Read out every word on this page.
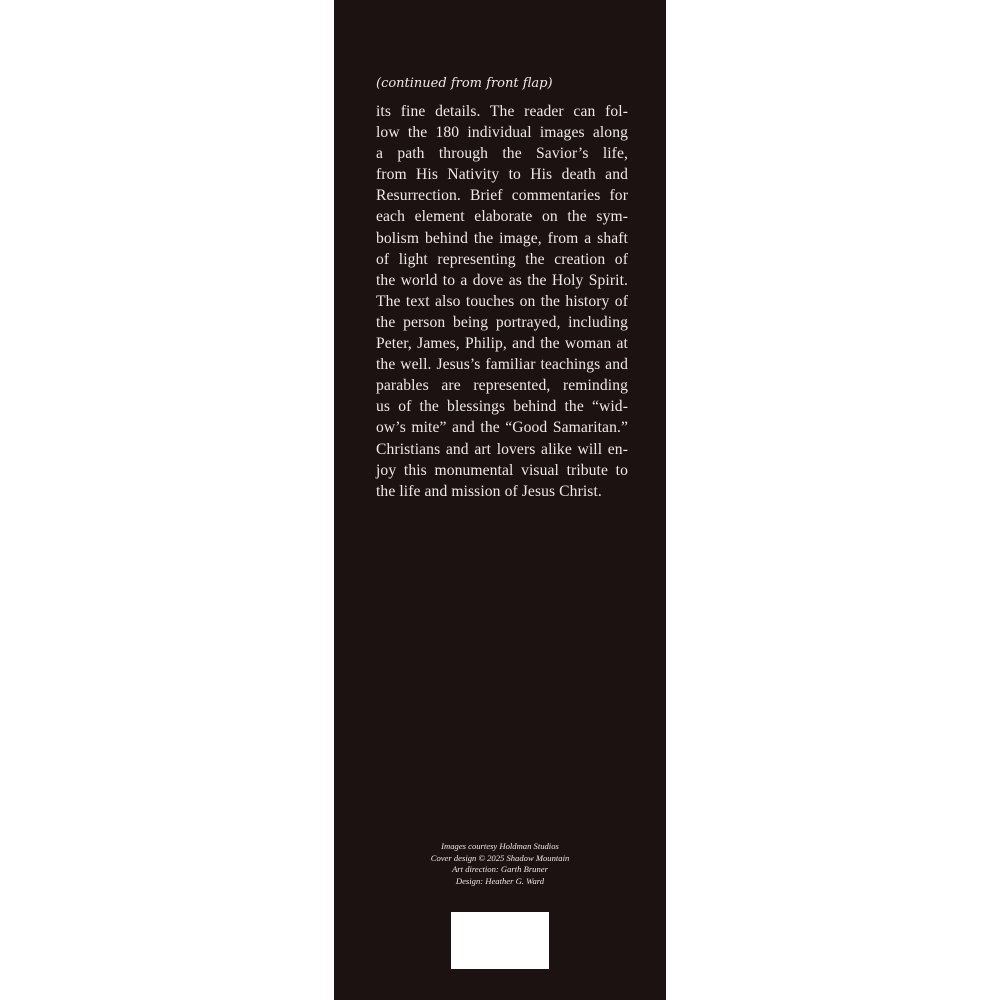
(continued from front flap)
its fine details. The reader can fol-
low the 180 individual images along
a path through the Savior’s life,
from His Nativity to His death and
Resurrection. Brief commentaries for
each element elaborate on the sym-
bolism behind the image, from a shaft
of light representing the creation of
the world to a dove as the Holy Spirit.
The text also touches on the history of
the person being portrayed, including
Peter, James, Philip, and the woman at
the well. Jesus’s familiar teachings and
parables are represented, reminding
us of the blessings behind the “wid-
ow’s mite” and the “Good Samaritan.”
Christians and art lovers alike will en-
joy this monumental visual tribute to
the life and mission of Jesus Christ.
Images courtesy Holdman Studios
Cover design © 2025 Shadow Mountain
Art direction: Garth Bruner
Design: Heather G. Ward
